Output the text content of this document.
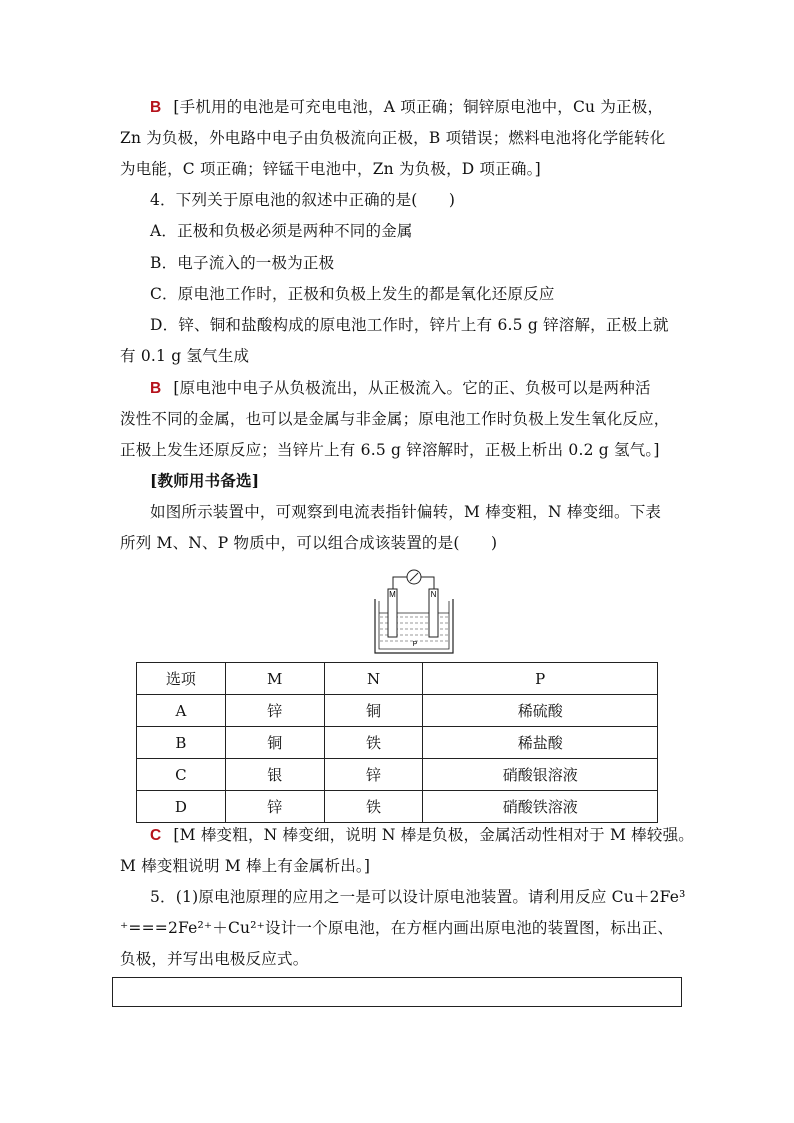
B [手机用的电池是可充电电池，A 项正确；铜锌原电池中，Cu 为正极，
Zn 为负极，外电路中电子由负极流向正极，B 项错误；燃料电池将化学能转化
为电能，C 项正确；锌锰干电池中，Zn 为负极，D 项正确。]
4．下列关于原电池的叙述中正确的是(　　)
A．正极和负极必须是两种不同的金属
B．电子流入的一极为正极
C．原电池工作时，正极和负极上发生的都是氧化还原反应
D．锌、铜和盐酸构成的原电池工作时，锌片上有 6.5 g 锌溶解，正极上就
有 0.1 g 氢气生成
B [原电池中电子从负极流出，从正极流入。它的正、负极可以是两种活
泼性不同的金属，也可以是金属与非金属；原电池工作时负极上发生氧化反应，
正极上发生还原反应；当锌片上有 6.5 g 锌溶解时，正极上析出 0.2 g 氢气。]
[教师用书备选]
如图所示装置中，可观察到电流表指针偏转，M 棒变粗，N 棒变细。下表
所列 M、N、P 物质中，可以组合成该装置的是(　　)
M	N
P
选项	M	N	P
A	锌	铜	稀硫酸
B	铜	铁	稀盐酸
C	银	锌	硝酸银溶液
D	锌	铁	硝酸铁溶液
C [M 棒变粗，N 棒变细，说明 N 棒是负极，金属活动性相对于 M 棒较强。
M 棒变粗说明 M 棒上有金属析出。]
5．(1)原电池原理的应用之一是可以设计原电池装置。请利用反应 Cu＋2Fe³
⁺===2Fe²⁺＋Cu²⁺设计一个原电池，在方框内画出原电池的装置图，标出正、
负极，并写出电极反应式。
